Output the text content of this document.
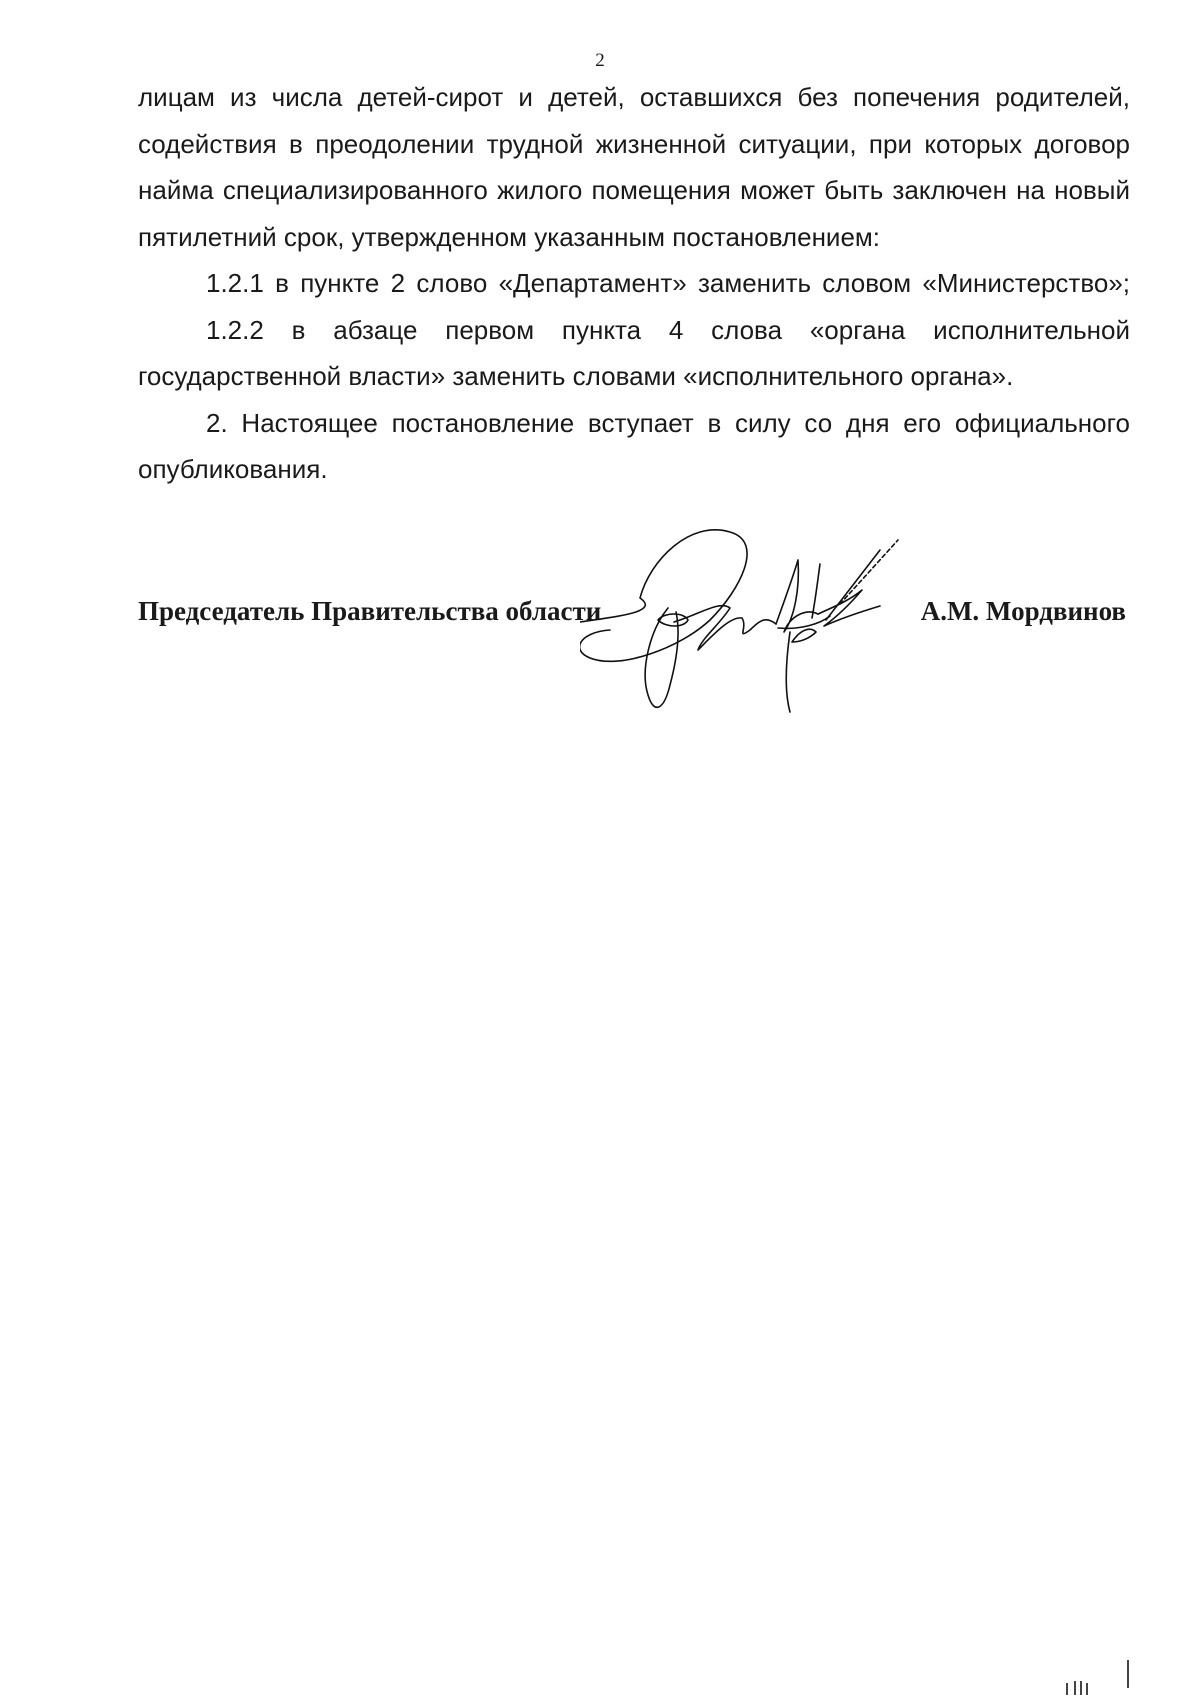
2

лицам из числа детей-сирот и детей, оставшихся без попечения родителей, содействия в преодолении трудной жизненной ситуации, при которых договор найма специализированного жилого помещения может быть заключен на новый пятилетний срок, утвержденном указанным постановлением:

1.2.1 в пункте 2 слово «Департамент» заменить словом «Министерство»;

1.2.2 в абзаце первом пункта 4 слова «органа исполнительной государственной власти» заменить словами «исполнительного органа».

2. Настоящее постановление вступает в силу со дня его официального опубликования.

Председатель Правительства области	А.М. Мордвинов
